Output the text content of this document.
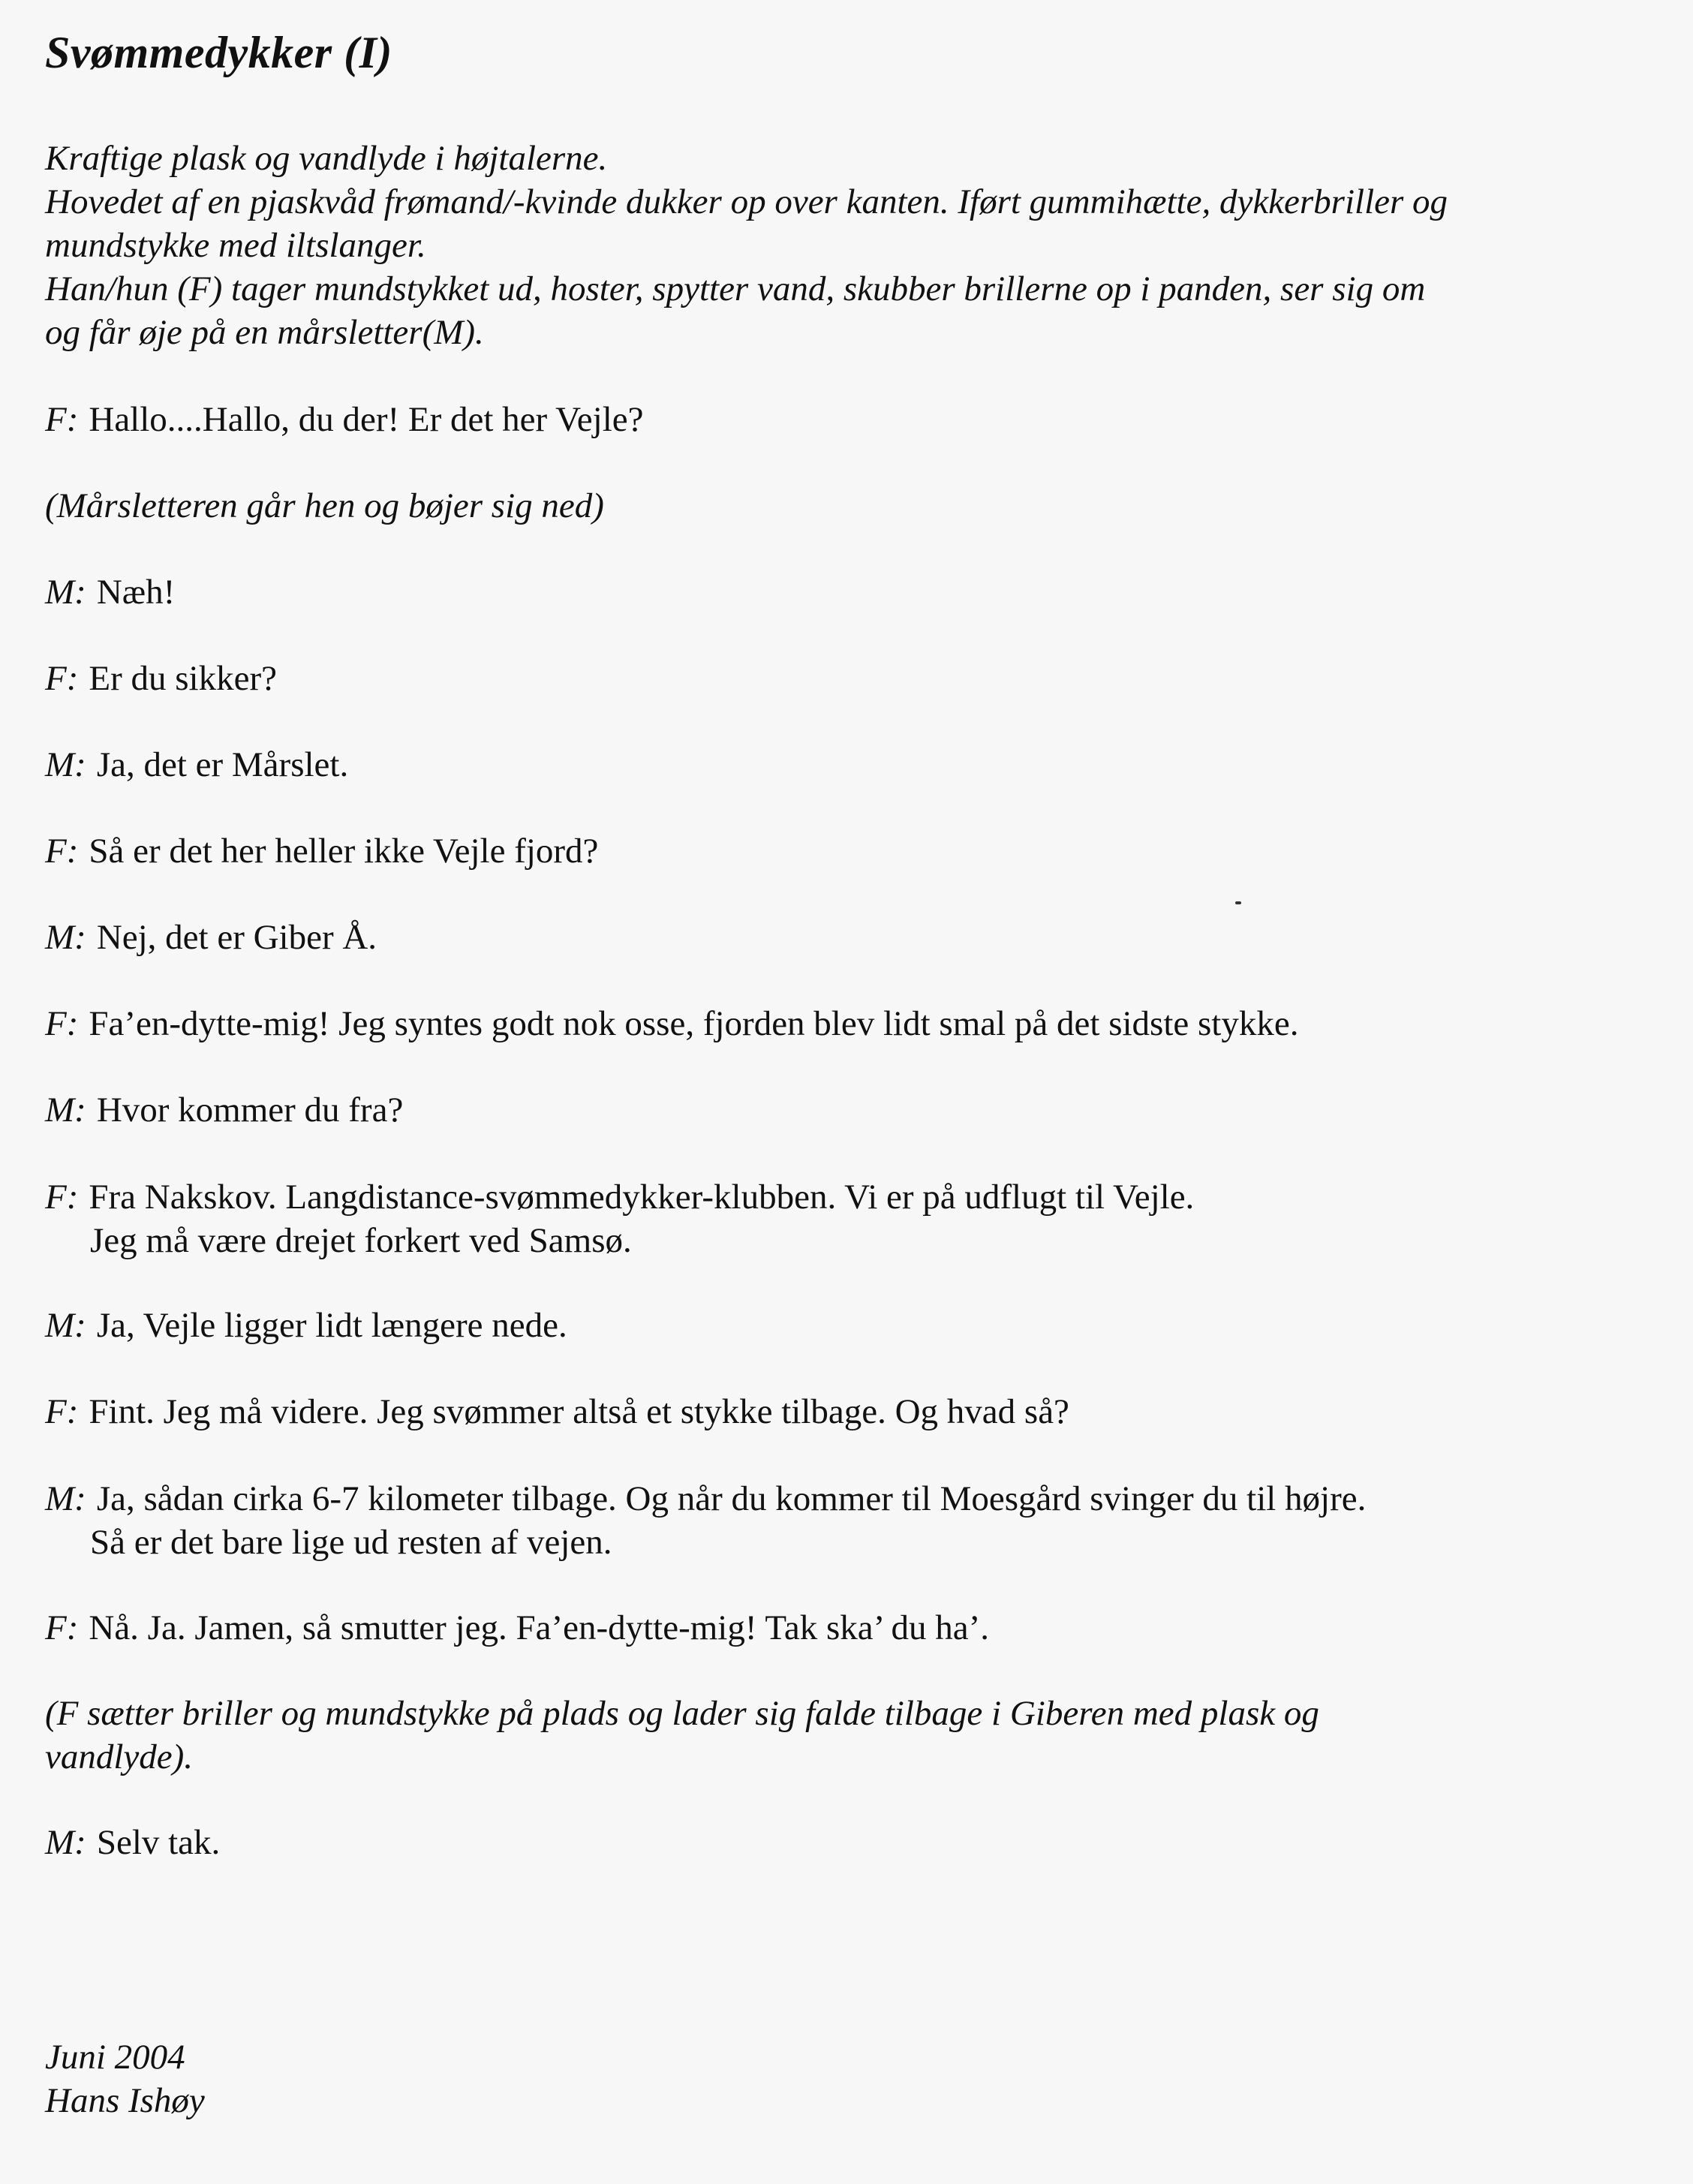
Svømmedykker (I)
Kraftige plask og vandlyde i højtalerne.
Hovedet af en pjaskvåd frømand/-kvinde dukker op over kanten. Iført gummihætte, dykkerbriller og
mundstykke med iltslanger.
Han/hun (F) tager mundstykket ud, hoster, spytter vand, skubber brillerne op i panden, ser sig om
og får øje på en mårsletter(M).
F: Hallo....Hallo, du der! Er det her Vejle?
(Mårsletteren går hen og bøjer sig ned)
M: Næh!
F: Er du sikker?
M: Ja, det er Mårslet.
F: Så er det her heller ikke Vejle fjord?
M: Nej, det er Giber Å.
F: Fa’en-dytte-mig! Jeg syntes godt nok osse, fjorden blev lidt smal på det sidste stykke.
M: Hvor kommer du fra?
F: Fra Nakskov. Langdistance-svømmedykker-klubben. Vi er på udflugt til Vejle.
Jeg må være drejet forkert ved Samsø.
M: Ja, Vejle ligger lidt længere nede.
F: Fint. Jeg må videre. Jeg svømmer altså et stykke tilbage. Og hvad så?
M: Ja, sådan cirka 6-7 kilometer tilbage. Og når du kommer til Moesgård svinger du til højre.
Så er det bare lige ud resten af vejen.
F: Nå. Ja. Jamen, så smutter jeg. Fa’en-dytte-mig! Tak ska’ du ha’.
(F sætter briller og mundstykke på plads og lader sig falde tilbage i Giberen med plask og
vandlyde).
M: Selv tak.
Juni 2004
Hans Ishøy
